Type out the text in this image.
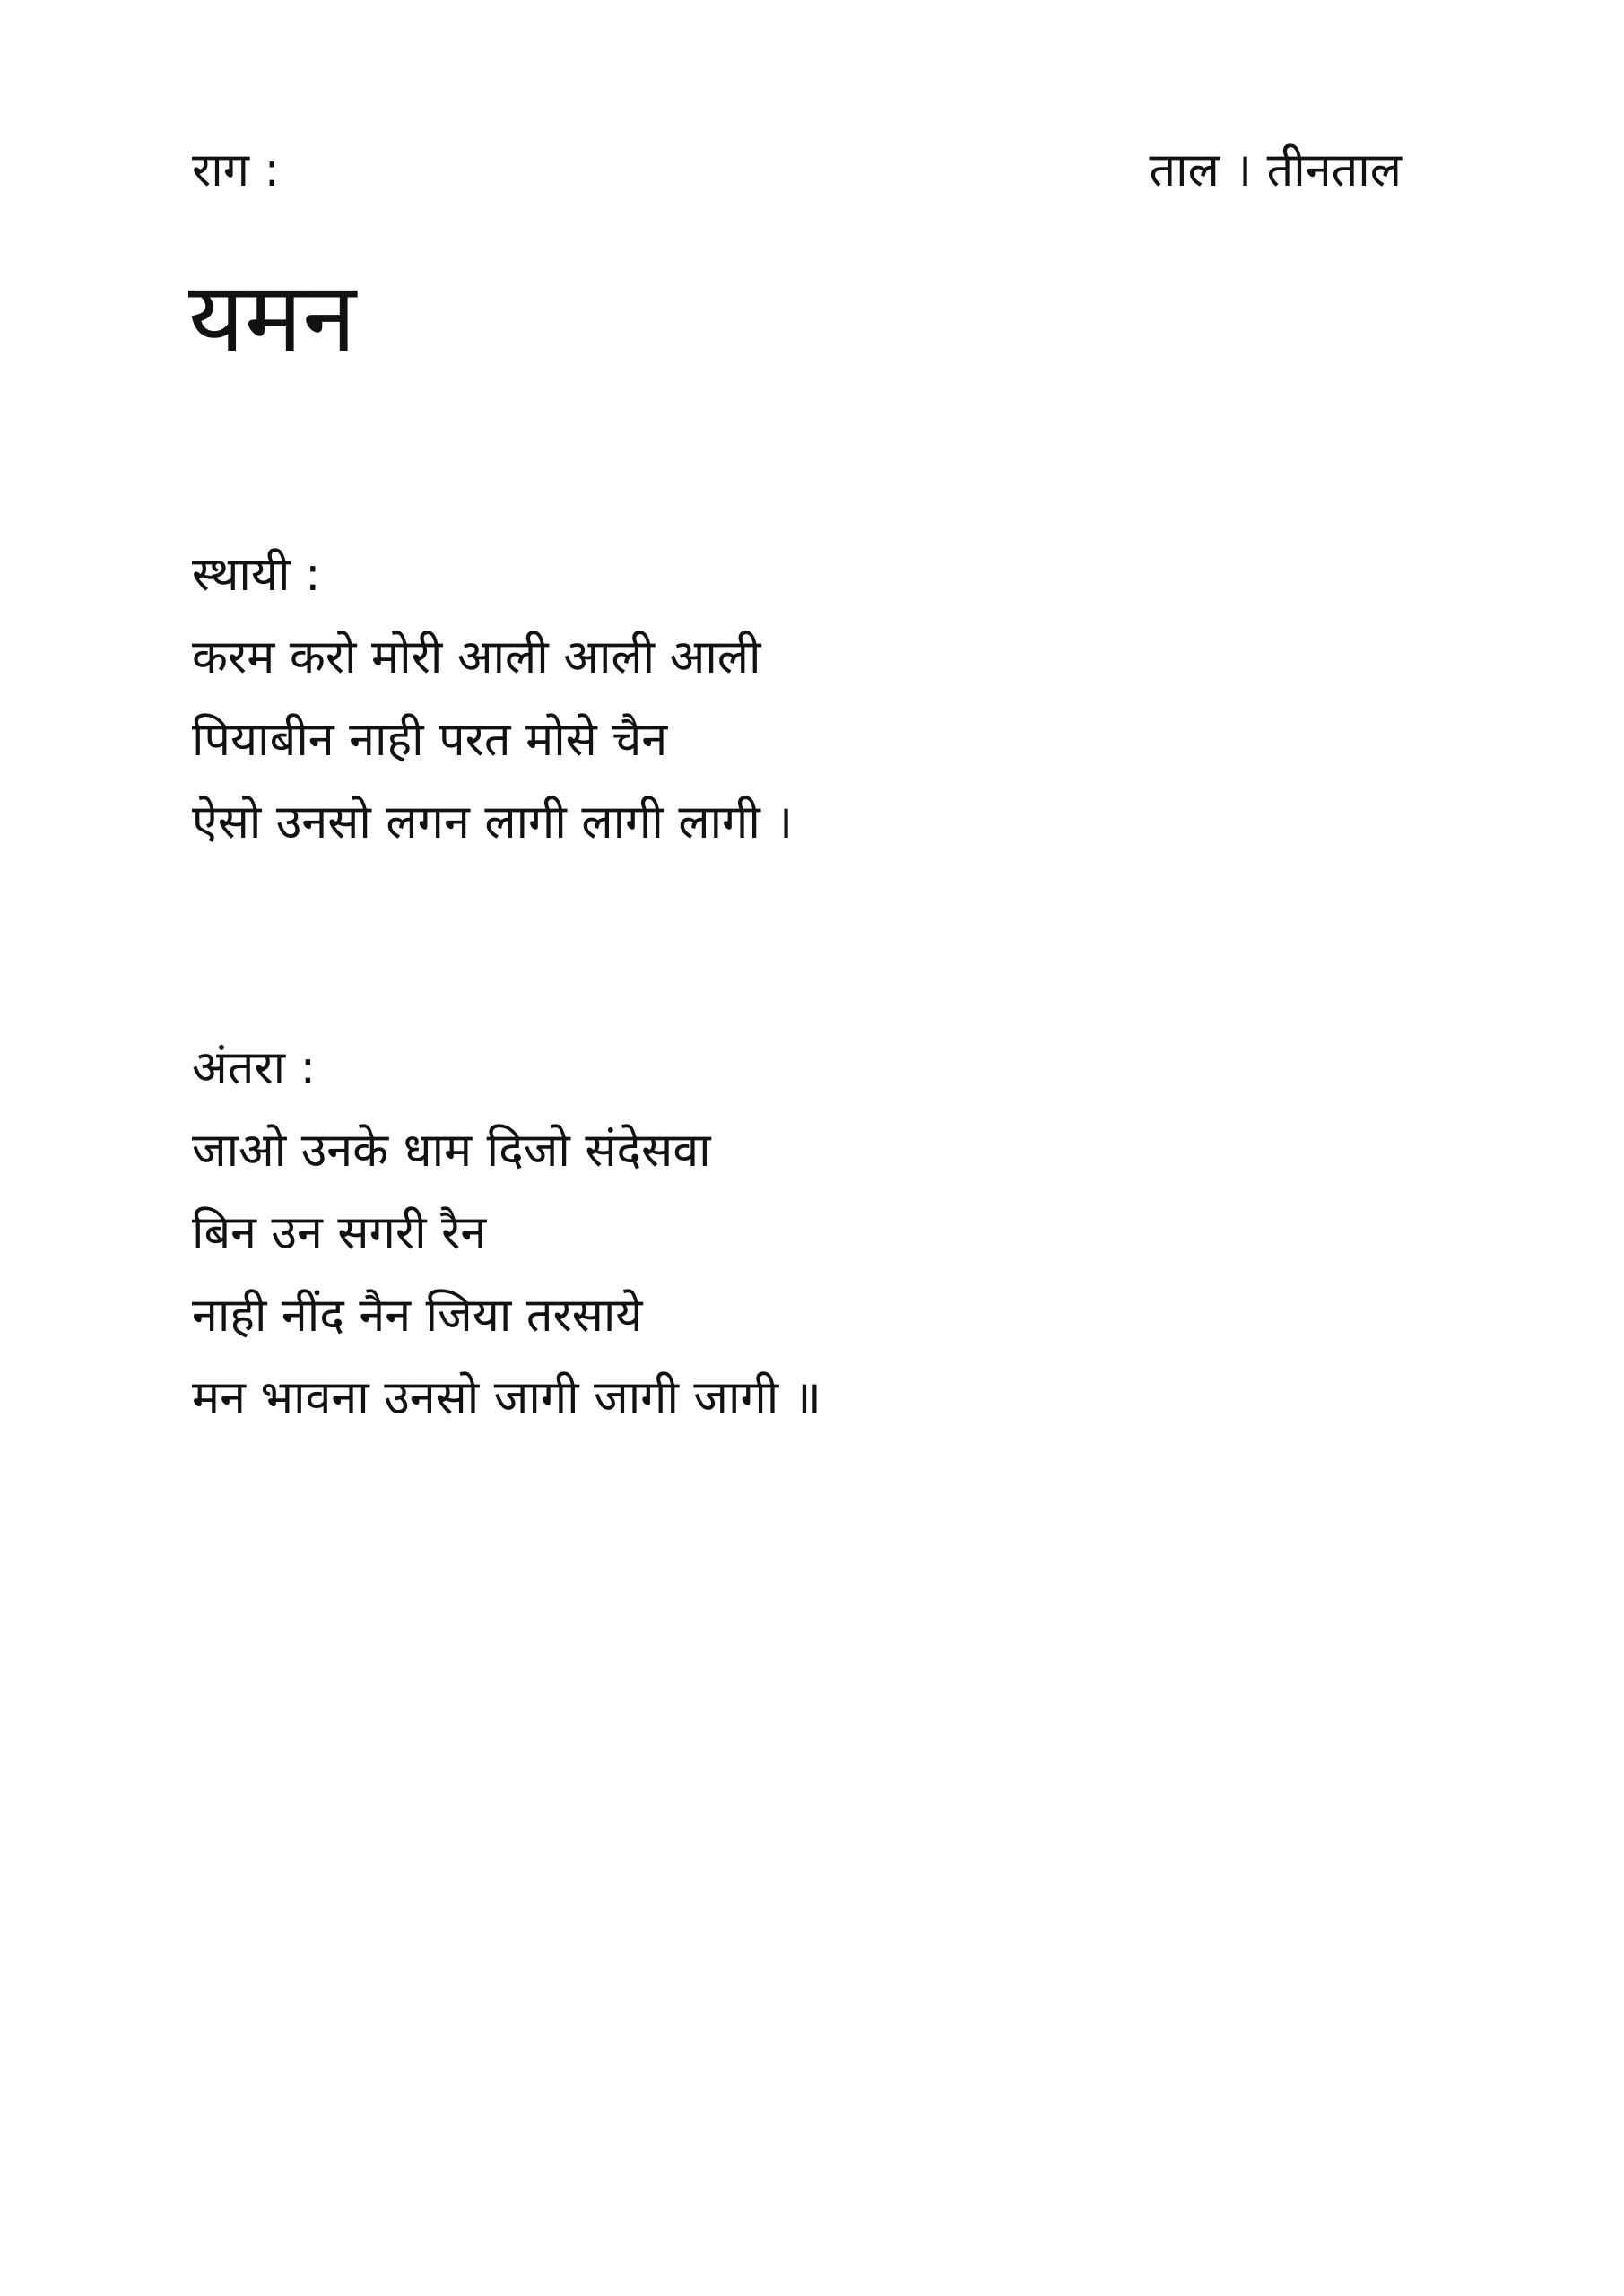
राग :	ताल । तीनताल
यमन
स्थायी :
करम करो मोरी आली आली आली
पियाबीन नाही परत मोसे चैन
ऐसो उनसो लगन लागी लागी लागी ।
अंतरा :
जाओ उनके धाम दिजो संदेसवा
बिन उन सगरी रैन
नाही नींद नैन जिया तरसाये
मन भावना उनसो जागी जागी जागी ॥
